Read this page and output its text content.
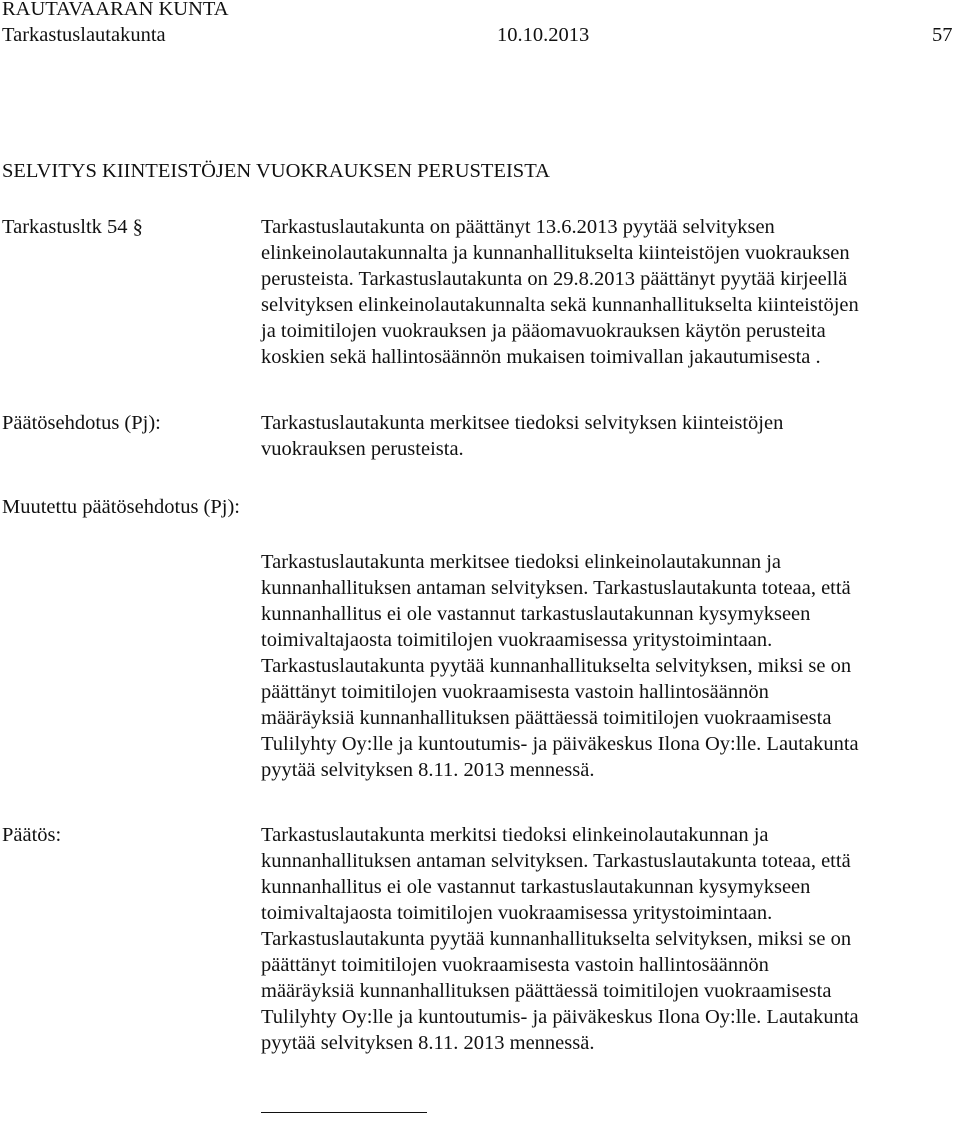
RAUTAVAARAN KUNTA
Tarkastuslautakunta	10.10.2013	57
SELVITYS KIINTEISTÖJEN VUOKRAUKSEN PERUSTEISTA
Tarkastusltk 54 §	Tarkastuslautakunta on päättänyt 13.6.2013 pyytää selvityksen
elinkeinolautakunnalta ja kunnanhallitukselta kiinteistöjen vuokrauksen
perusteista. Tarkastuslautakunta on 29.8.2013 päättänyt pyytää kirjeellä
selvityksen elinkeinolautakunnalta sekä kunnanhallitukselta kiinteistöjen
ja toimitilojen vuokrauksen ja pääomavuokrauksen käytön perusteita
koskien sekä hallintosäännön mukaisen toimivallan jakautumisesta .
Päätösehdotus (Pj):	Tarkastuslautakunta merkitsee tiedoksi selvityksen kiinteistöjen
vuokrauksen perusteista.
Muutettu päätösehdotus (Pj):
Tarkastuslautakunta merkitsee tiedoksi elinkeinolautakunnan ja
kunnanhallituksen antaman selvityksen. Tarkastuslautakunta toteaa, että
kunnanhallitus ei ole vastannut tarkastuslautakunnan kysymykseen
toimivaltajaosta toimitilojen vuokraamisessa yritystoimintaan.
Tarkastuslautakunta pyytää kunnanhallitukselta selvityksen, miksi se on
päättänyt toimitilojen vuokraamisesta vastoin hallintosäännön
määräyksiä kunnanhallituksen päättäessä toimitilojen vuokraamisesta
Tulilyhty Oy:lle ja kuntoutumis- ja päiväkeskus Ilona Oy:lle. Lautakunta
pyytää selvityksen 8.11. 2013 mennessä.
Päätös:	Tarkastuslautakunta merkitsi tiedoksi elinkeinolautakunnan ja
kunnanhallituksen antaman selvityksen. Tarkastuslautakunta toteaa, että
kunnanhallitus ei ole vastannut tarkastuslautakunnan kysymykseen
toimivaltajaosta toimitilojen vuokraamisessa yritystoimintaan.
Tarkastuslautakunta pyytää kunnanhallitukselta selvityksen, miksi se on
päättänyt toimitilojen vuokraamisesta vastoin hallintosäännön
määräyksiä kunnanhallituksen päättäessä toimitilojen vuokraamisesta
Tulilyhty Oy:lle ja kuntoutumis- ja päiväkeskus Ilona Oy:lle. Lautakunta
pyytää selvityksen 8.11. 2013 mennessä.
